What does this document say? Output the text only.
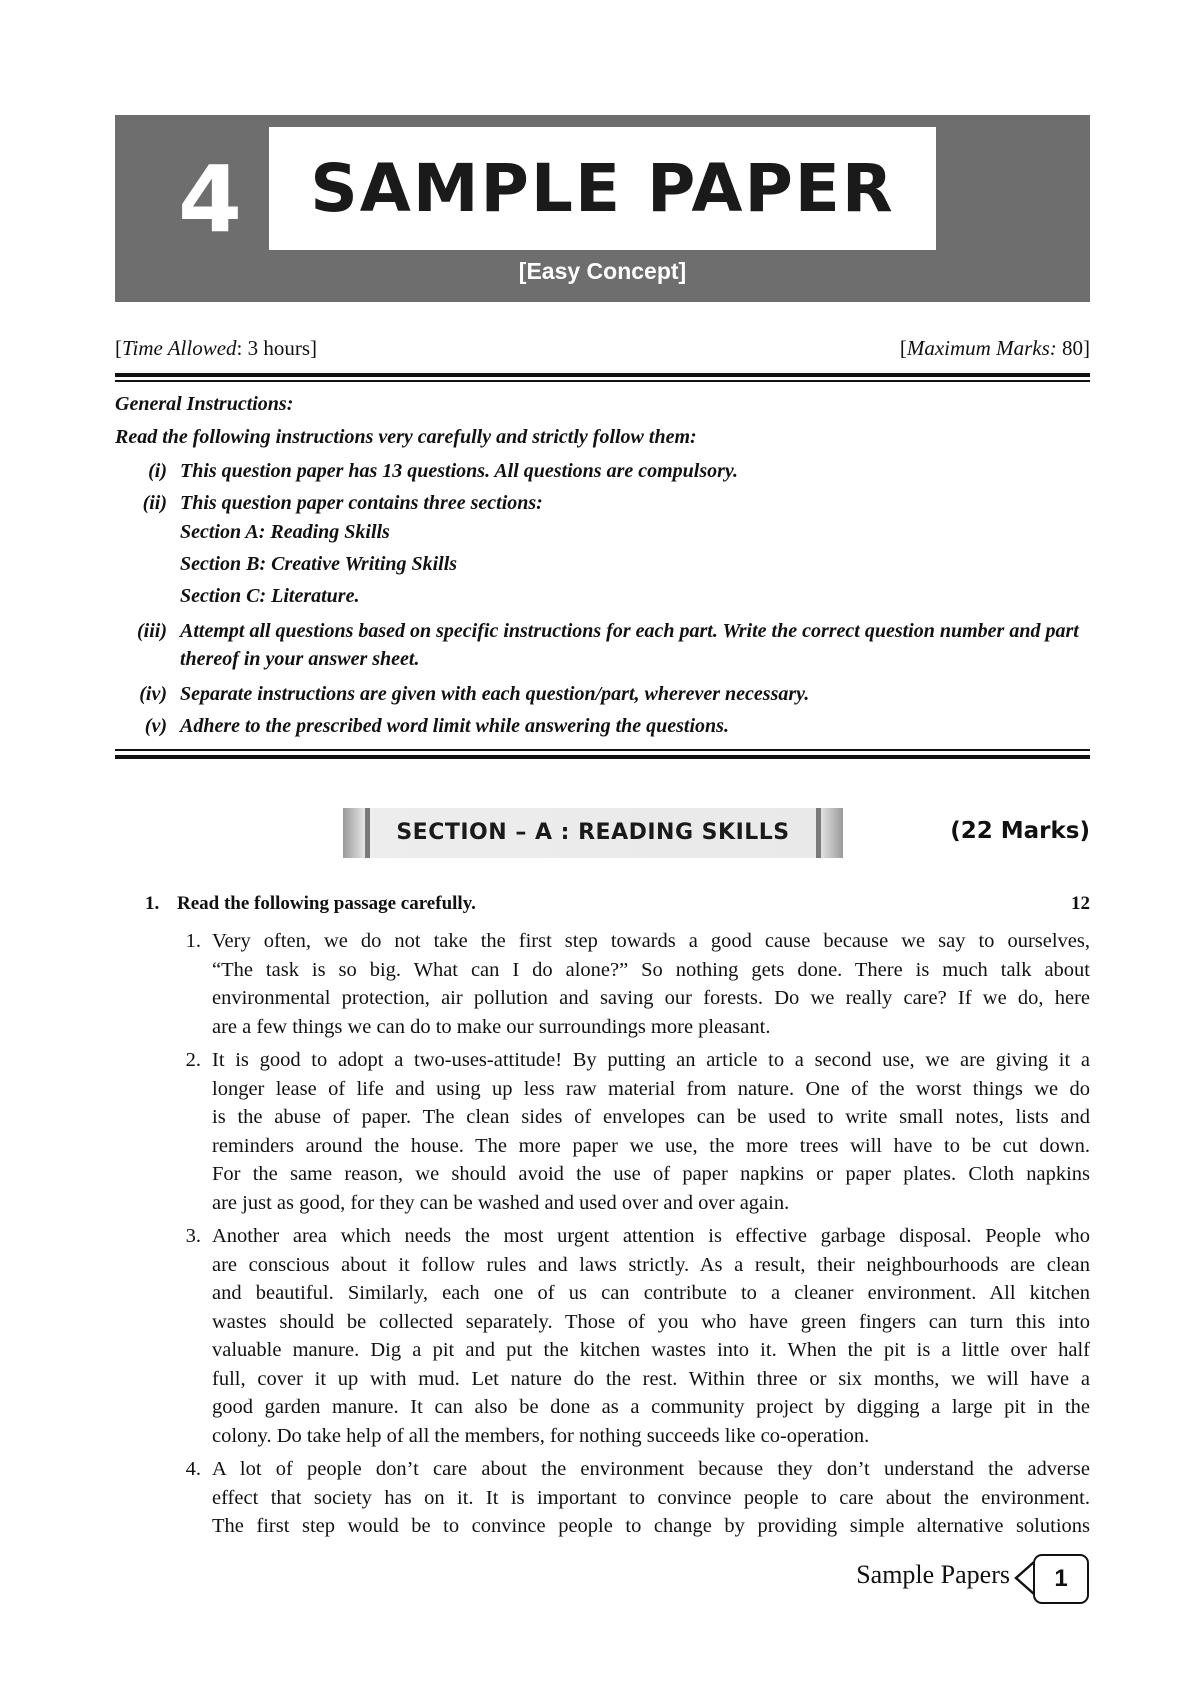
4	SAMPLE PAPER
[Easy Concept]
[Time Allowed: 3 hours]	[Maximum Marks: 80]
General Instructions:
Read the following instructions very carefully and strictly follow them:
(i) This question paper has 13 questions. All questions are compulsory.
(ii) This question paper contains three sections:
Section A: Reading Skills
Section B: Creative Writing Skills
Section C: Literature.
(iii) Attempt all questions based on specific instructions for each part. Write the correct question number and part thereof in your answer sheet.
(iv) Separate instructions are given with each question/part, wherever necessary.
(v) Adhere to the prescribed word limit while answering the questions.
SECTION – A : READING SKILLS	(22 Marks)
1. Read the following passage carefully.	12
1. Very often, we do not take the first step towards a good cause because we say to ourselves,
“The task is so big. What can I do alone?” So nothing gets done. There is much talk about
environmental protection, air pollution and saving our forests. Do we really care? If we do, here
are a few things we can do to make our surroundings more pleasant.
2. It is good to adopt a two-uses-attitude! By putting an article to a second use, we are giving it a
longer lease of life and using up less raw material from nature. One of the worst things we do
is the abuse of paper. The clean sides of envelopes can be used to write small notes, lists and
reminders around the house. The more paper we use, the more trees will have to be cut down.
For the same reason, we should avoid the use of paper napkins or paper plates. Cloth napkins
are just as good, for they can be washed and used over and over again.
3. Another area which needs the most urgent attention is effective garbage disposal. People who
are conscious about it follow rules and laws strictly. As a result, their neighbourhoods are clean
and beautiful. Similarly, each one of us can contribute to a cleaner environment. All kitchen
wastes should be collected separately. Those of you who have green fingers can turn this into
valuable manure. Dig a pit and put the kitchen wastes into it. When the pit is a little over half
full, cover it up with mud. Let nature do the rest. Within three or six months, we will have a
good garden manure. It can also be done as a community project by digging a large pit in the
colony. Do take help of all the members, for nothing succeeds like co-operation.
4. A lot of people don’t care about the environment because they don’t understand the adverse
effect that society has on it. It is important to convince people to care about the environment.
The first step would be to convince people to change by providing simple alternative solutions
Sample Papers	1
